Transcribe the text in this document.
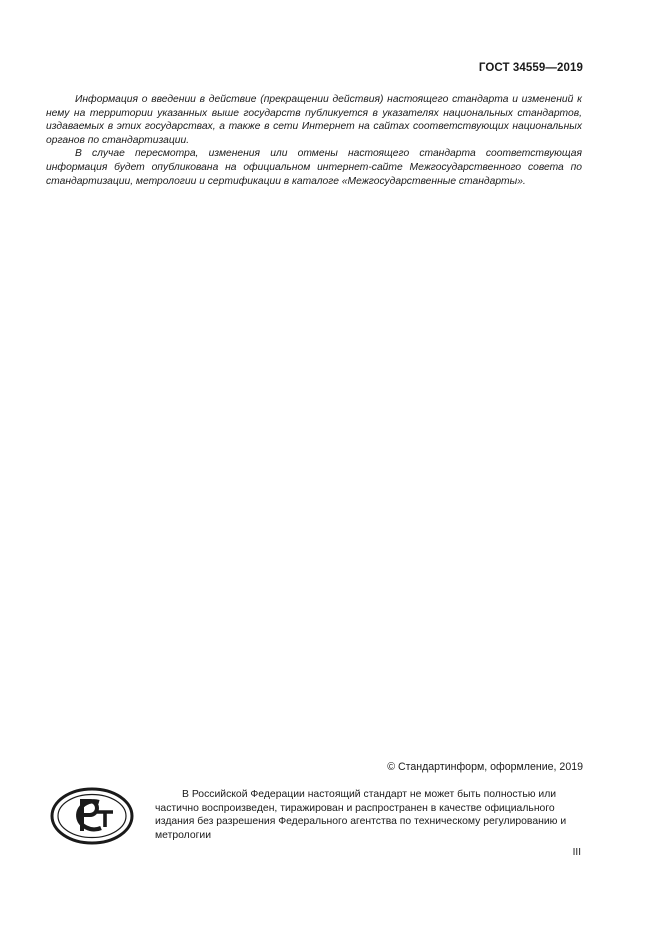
ГОСТ 34559—2019

Информация о введении в действие (прекращении действия) настоящего стандарта и изменений к нему на территории указанных выше государств публикуется в указателях национальных стандартов, издаваемых в этих государствах, а также в сети Интернет на сайтах соответствующих национальных органов по стандартизации.

В случае пересмотра, изменения или отмены настоящего стандарта соответствующая информация будет опубликована на официальном интернет-сайте Межгосударственного совета по стандартизации, метрологии и сертификации в каталоге «Межгосударственные стандарты».

© Стандартинформ, оформление, 2019

В Российской Федерации настоящий стандарт не может быть полностью или частично воспроизведен, тиражирован и распространен в качестве официального издания без разрешения Федерального агентства по техническому регулированию и метрологии

III
